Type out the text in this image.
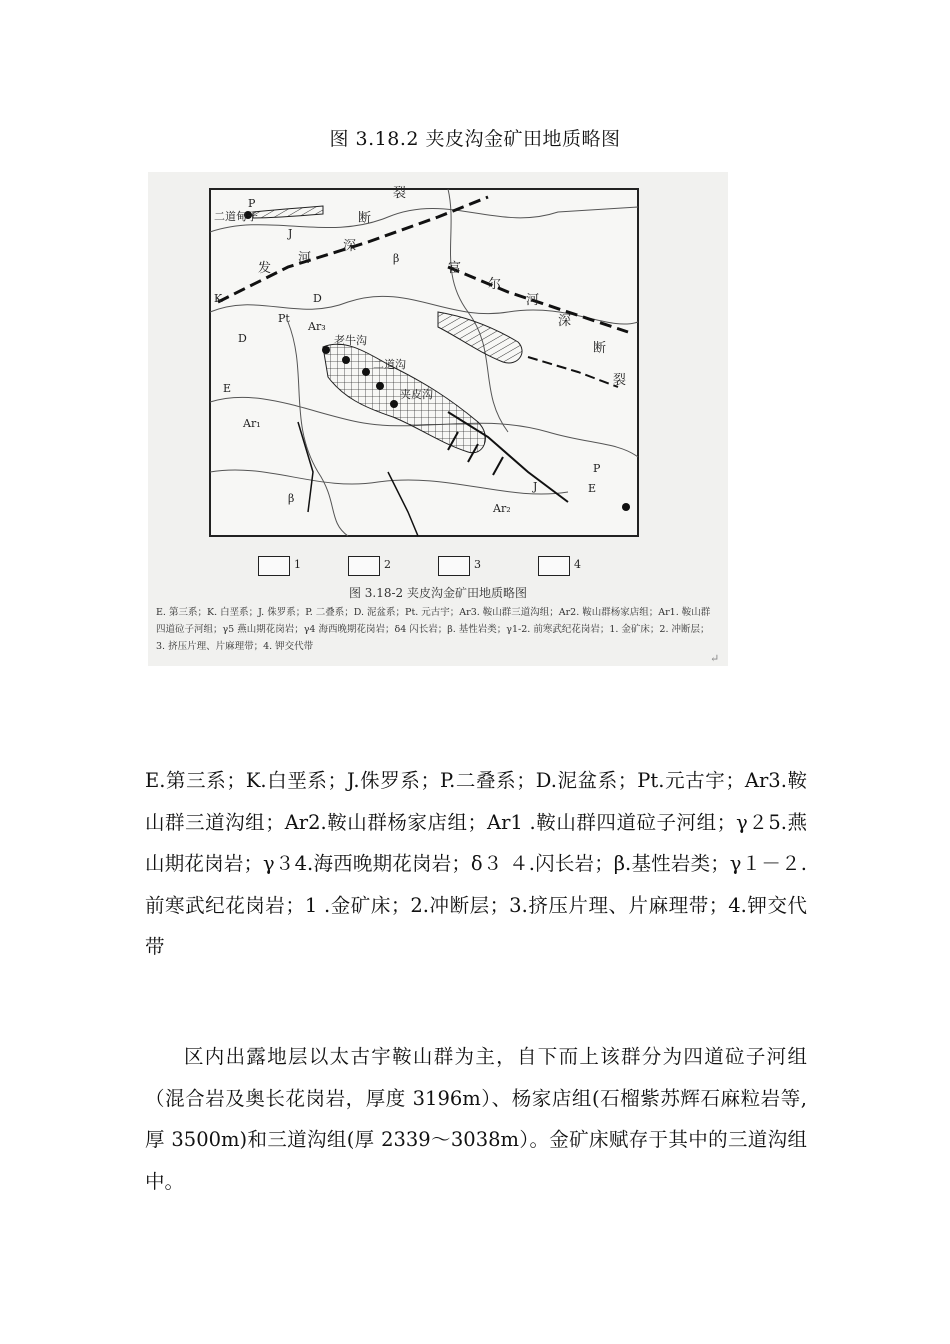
图 3.18.2 夹皮沟金矿田地质略图
发
河
深
断
裂
富
尔
河
深
断
裂
二道甸子
老牛沟
二道沟
夹皮沟
E
E
P
P
J
J
D
D
Pt
Ar₃
Ar₂
Ar₁
β
β
K
1	2	3	4
图 3.18-2 夹皮沟金矿田地质略图
E. 第三系；K. 白垩系；J. 侏罗系；P. 二叠系；D. 泥盆系；Pt. 元古宇；Ar3. 鞍山群三道沟组；Ar2. 鞍山群杨家店组；Ar1. 鞍山群四道砬子河组；γ5 燕山期花岗岩；γ4 海西晚期花岗岩；δ4 闪长岩；β. 基性岩类；γ1-2. 前寒武纪花岗岩；1. 金矿床；2. 冲断层；3. 挤压片理、片麻理带；4. 钾交代带
↵
E.第三系；K.白垩系；J.侏罗系；P.二叠系；D.泥盆系；Pt.元古宇；Ar3.鞍山群三道沟组；Ar2.鞍山群杨家店组；Ar1 .鞍山群四道砬子河组；γ２5.燕山期花岗岩；γ３4.海西晚期花岗岩；δ３ ４.闪长岩；β.基性岩类；γ１－２.前寒武纪花岗岩；1 .金矿床；2.冲断层；3.挤压片理、片麻理带；4.钾交代带
区内出露地层以太古宇鞍山群为主，自下而上该群分为四道砬子河组（混合岩及奥长花岗岩，厚度 3196m）、杨家店组(石榴紫苏辉石麻粒岩等,厚 3500m)和三道沟组(厚 2339～3038m）。金矿床赋存于其中的三道沟组中。
